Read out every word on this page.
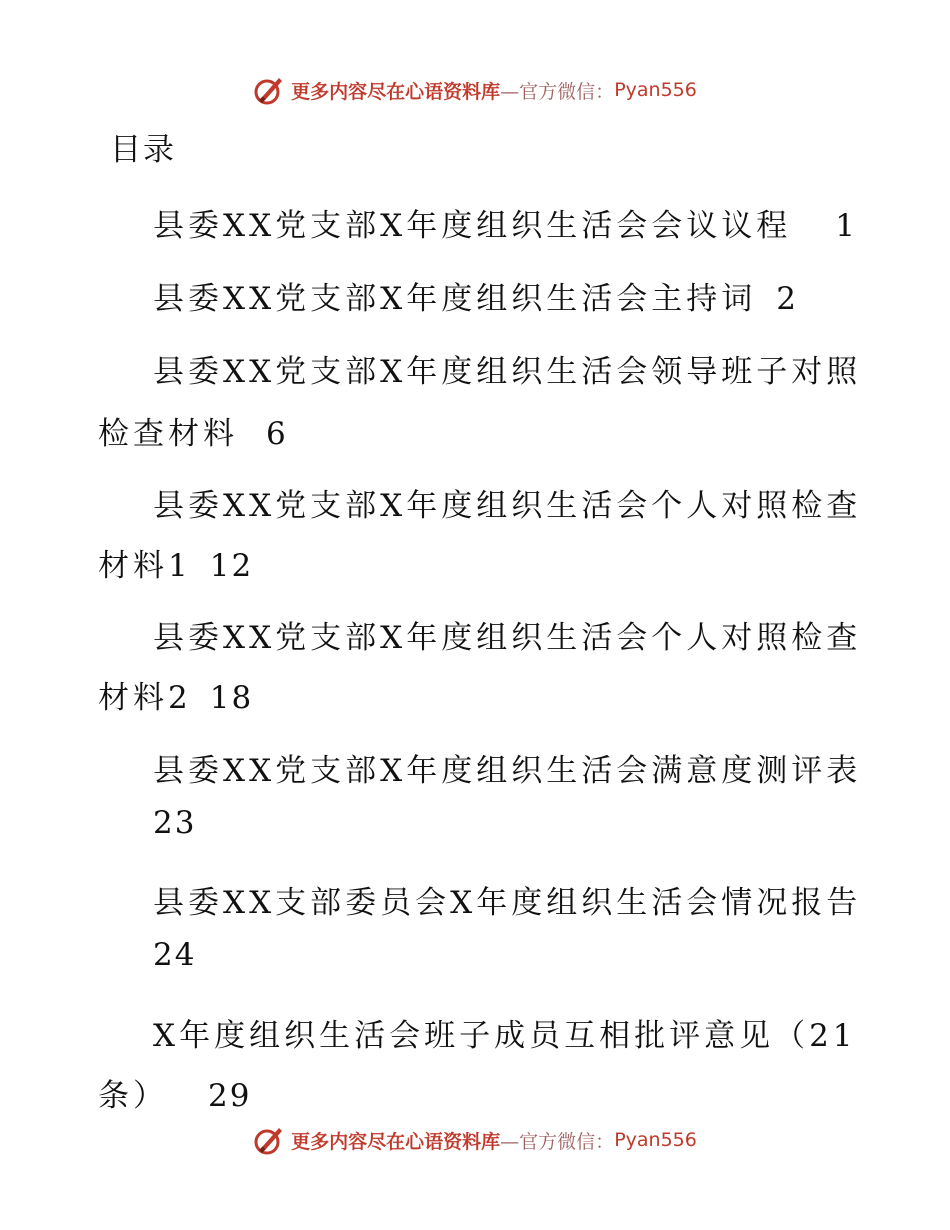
更多内容尽在心语资料库 —官方微信： Pyan556
目录
县委XX党支部X年度组织生活会会议议程 1
县委XX党支部X年度组织生活会主持词 2
县委XX党支部X年度组织生活会领导班子对照
检查材料 6
县委XX党支部X年度组织生活会个人对照检查
材料1 12
县委XX党支部X年度组织生活会个人对照检查
材料2 18
县委XX党支部X年度组织生活会满意度测评表
23
县委XX支部委员会X年度组织生活会情况报告
24
X年度组织生活会班子成员互相批评意见（21
条） 29
更多内容尽在心语资料库 —官方微信： Pyan556
